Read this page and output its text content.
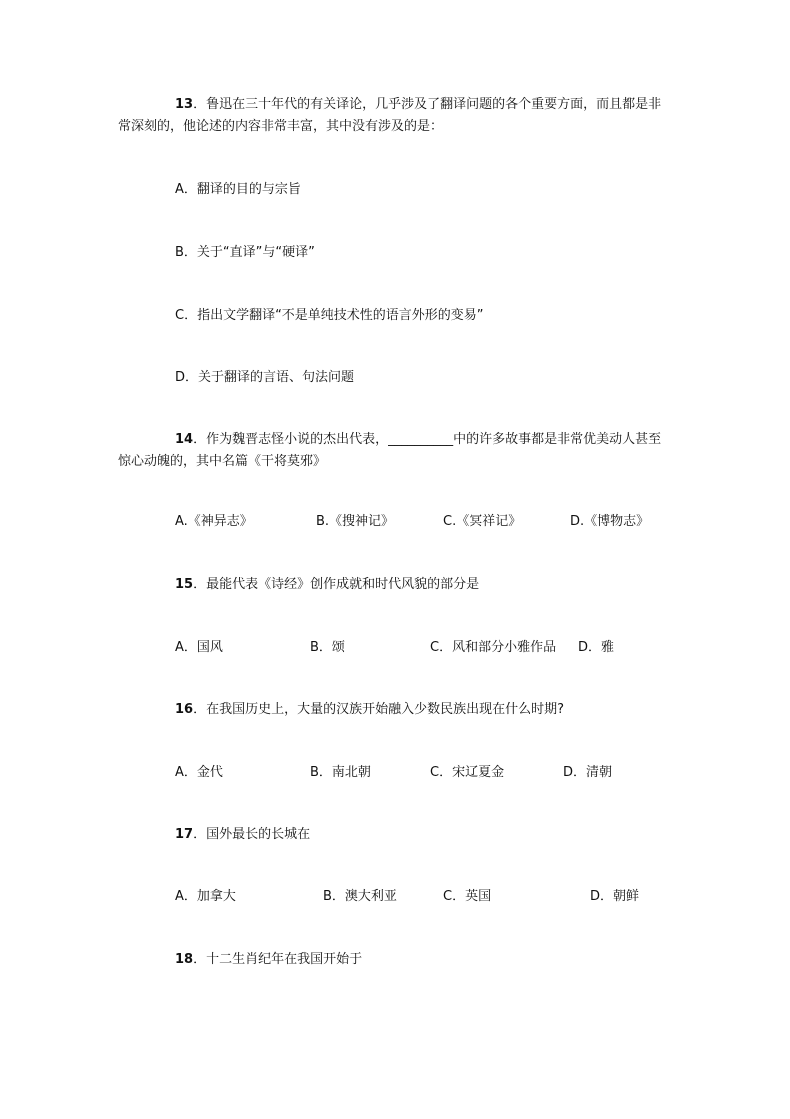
13．鲁迅在三十年代的有关译论，几乎涉及了翻译问题的各个重要方面，而且都是非常深刻的，他论述的内容非常丰富，其中没有涉及的是：
A．翻译的目的与宗旨
B．关于“直译”与“硬译”
C．指出文学翻译“不是单纯技术性的语言外形的变易”
D．关于翻译的言语、句法问题
14．作为魏晋志怪小说的杰出代表，__________中的许多故事都是非常优美动人甚至惊心动魄的，其中名篇《干将莫邪》
A.《神异志》	B.《搜神记》	C.《冥祥记》	D.《博物志》
15．最能代表《诗经》创作成就和时代风貌的部分是
A．国风	B．颂	C．风和部分小雅作品 D．雅
16．在我国历史上，大量的汉族开始融入少数民族出现在什么时期?
A．金代	B．南北朝	C．宋辽夏金	D．清朝
17．国外最长的长城在
A．加拿大	B．澳大利亚	C．英国	D．朝鲜
18．十二生肖纪年在我国开始于
